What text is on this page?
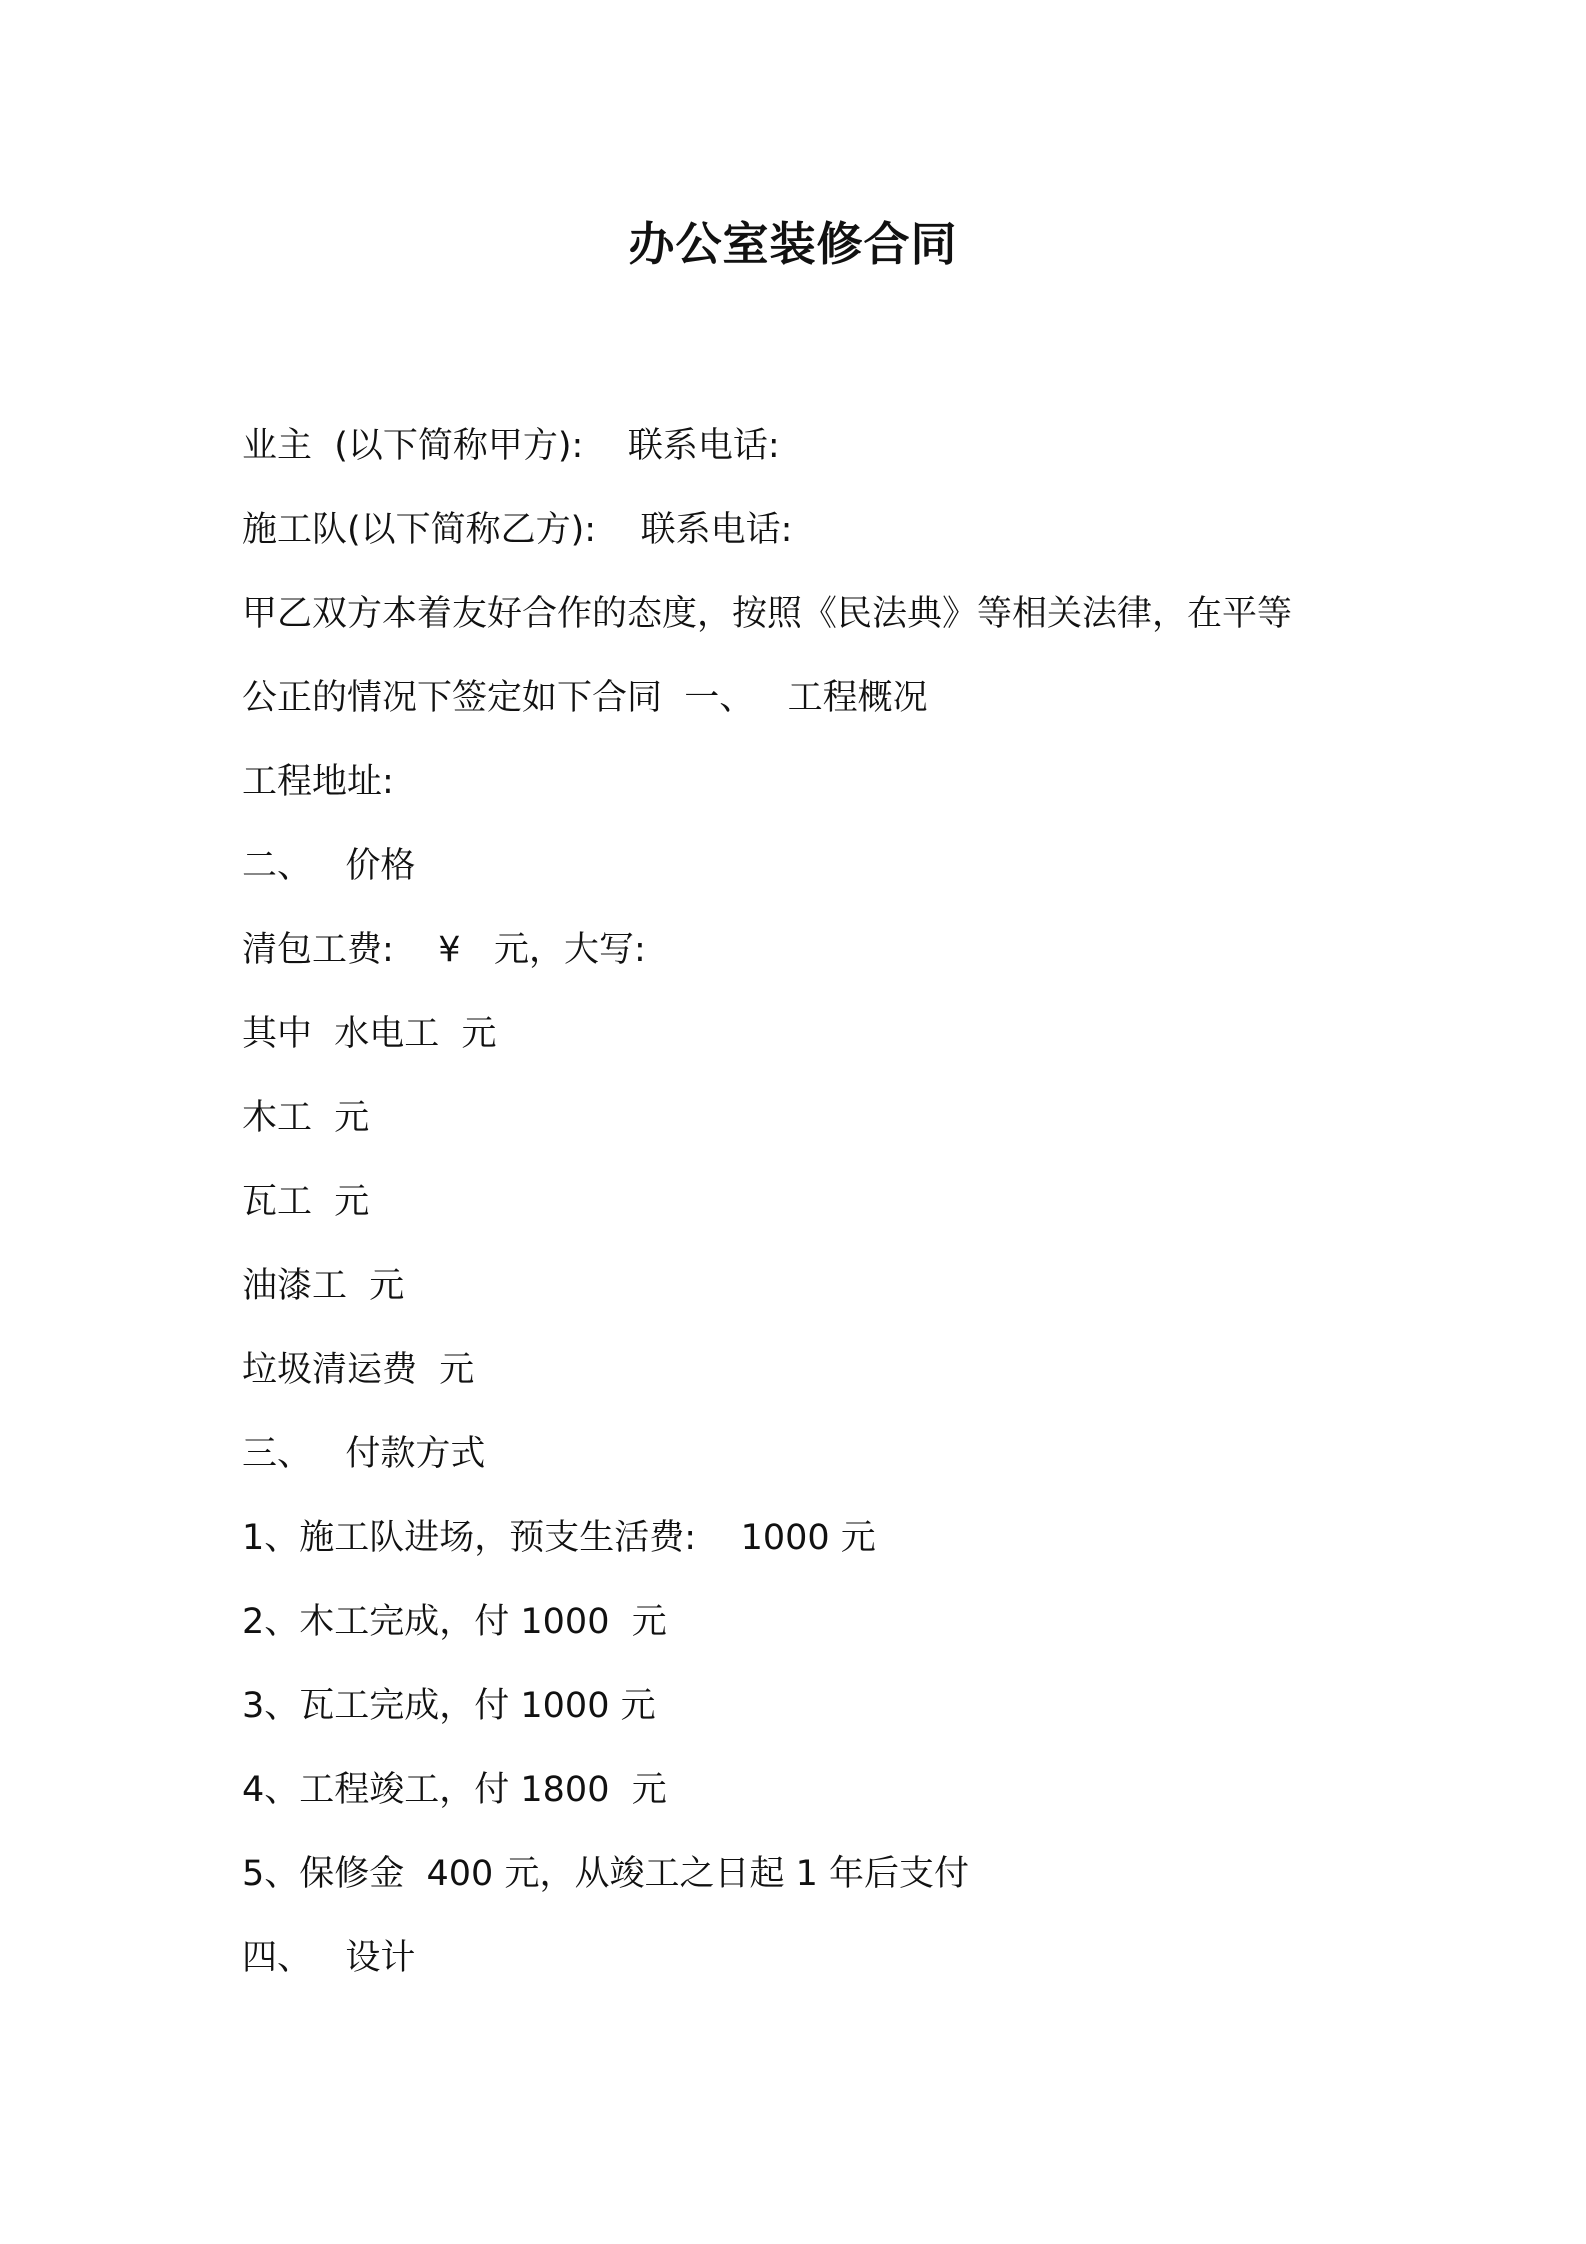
办公室装修合同
业主  (以下简称甲方):    联系电话:
施工队(以下简称乙方):    联系电话:
甲乙双方本着友好合作的态度，按照《民法典》等相关法律，在平等
公正的情况下签定如下合同  一、   工程概况
工程地址:
二、   价格
清包工费:    ¥   元，大写:
其中  水电工  元
木工  元
瓦工  元
油漆工  元
垃圾清运费  元
三、   付款方式
1、施工队进场，预支生活费:    1000 元
2、木工完成，付 1000  元
3、瓦工完成，付 1000 元
4、工程竣工，付 1800  元
5、保修金  400 元，从竣工之日起 1 年后支付
四、   设计
